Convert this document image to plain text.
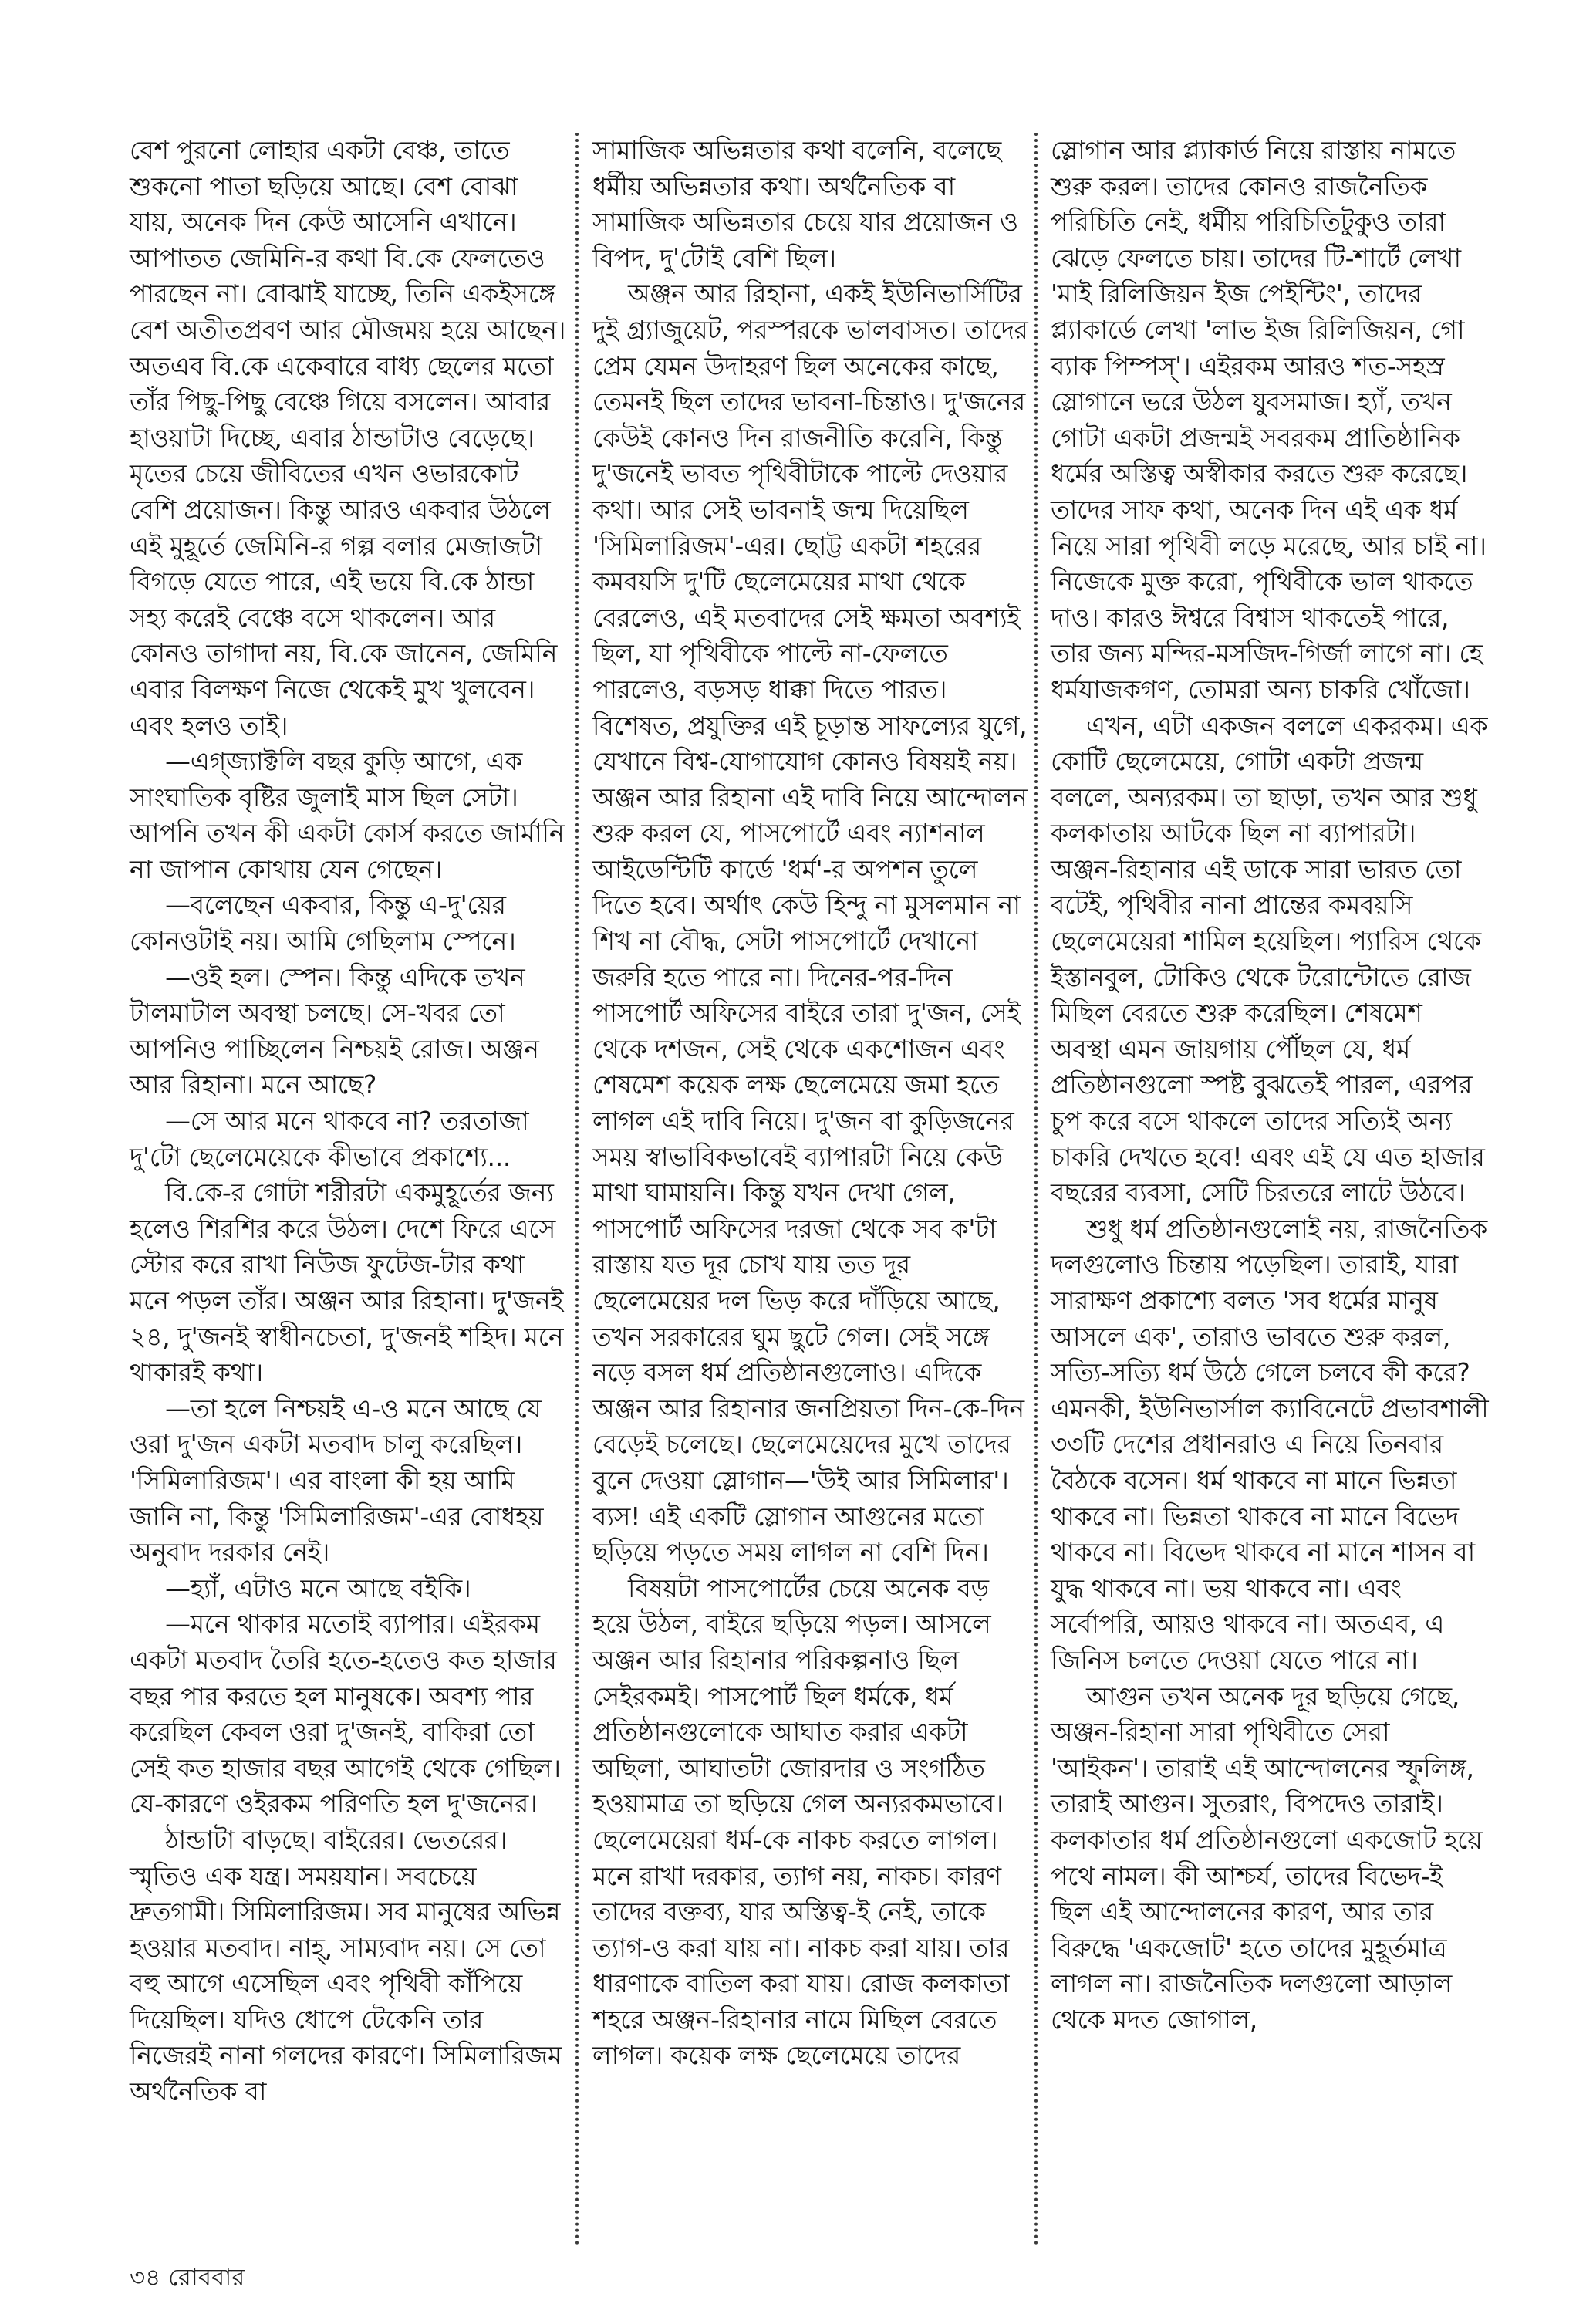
বেশ পুরনো লোহার একটা বেঞ্চ, তাতে শুকনো পাতা ছড়িয়ে আছে। বেশ বোঝা যায়, অনেক দিন কেউ আসেনি এখানে। আপাতত জেমিনি-র কথা বি.কে ফেলতেও পারছেন না। বোঝাই যাচ্ছে, তিনি একইসঙ্গে বেশ অতীতপ্রবণ আর মৌজময় হয়ে আছেন। অতএব বি.কে একেবারে বাধ্য ছেলের মতো তাঁর পিছু-পিছু বেঞ্চে গিয়ে বসলেন। আবার হাওয়াটা দিচ্ছে, এবার ঠান্ডাটাও বেড়েছে। মৃতের চেয়ে জীবিতের এখন ওভারকোট বেশি প্রয়োজন। কিন্তু আরও একবার উঠলে এই মুহূর্তে জেমিনি-র গল্প বলার মেজাজটা বিগড়ে যেতে পারে, এই ভয়ে বি.কে ঠান্ডা সহ্য করেই বেঞ্চে বসে থাকলেন। আর কোনও তাগাদা নয়, বি.কে জানেন, জেমিনি এবার বিলক্ষণ নিজে থেকেই মুখ খুলবেন। এবং হলও তাই।

—এগ্‌জ্যাক্টলি বছর কুড়ি আগে, এক সাংঘাতিক বৃষ্টির জুলাই মাস ছিল সেটা। আপনি তখন কী একটা কোর্স করতে জার্মানি না জাপান কোথায় যেন গেছেন।

—বলেছেন একবার, কিন্তু এ-দু'য়ের কোনওটাই নয়। আমি গেছিলাম স্পেনে।

—ওই হল। স্পেন। কিন্তু এদিকে তখন টালমাটাল অবস্থা চলছে। সে-খবর তো আপনিও পাচ্ছিলেন নিশ্চয়ই রোজ। অঞ্জন আর রিহানা। মনে আছে?

—সে আর মনে থাকবে না? তরতাজা দু'টো ছেলেমেয়েকে কীভাবে প্রকাশ্যে...

বি.কে-র গোটা শরীরটা একমুহূর্তের জন্য হলেও শিরশির করে উঠল। দেশে ফিরে এসে স্টোর করে রাখা নিউজ ফুটেজ-টার কথা মনে পড়ল তাঁর। অঞ্জন আর রিহানা। দু'জনই ২৪, দু'জনই স্বাধীনচেতা, দু'জনই শহিদ। মনে থাকারই কথা।

—তা হলে নিশ্চয়ই এ-ও মনে আছে যে ওরা দু'জন একটা মতবাদ চালু করেছিল। 'সিমিলারিজম'। এর বাংলা কী হয় আমি জানি না, কিন্তু 'সিমিলারিজম'-এর বোধহয় অনুবাদ দরকার নেই।

—হ্যাঁ, এটাও মনে আছে বইকি।

—মনে থাকার মতোই ব্যাপার। এইরকম একটা মতবাদ তৈরি হতে-হতেও কত হাজার বছর পার করতে হল মানুষকে। অবশ্য পার করেছিল কেবল ওরা দু'জনই, বাকিরা তো সেই কত হাজার বছর আগেই থেকে গেছিল। যে-কারণে ওইরকম পরিণতি হল দু'জনের।

ঠান্ডাটা বাড়ছে। বাইরের। ভেতরের। স্মৃতিও এক যন্ত্র। সময়যান। সবচেয়ে দ্রুতগামী। সিমিলারিজম। সব মানুষের অভিন্ন হওয়ার মতবাদ। নাহ্‌, সাম্যবাদ নয়। সে তো বহু আগে এসেছিল এবং পৃথিবী কাঁপিয়ে দিয়েছিল। যদিও ধোপে টেকেনি তার নিজেরই নানা গলদের কারণে। সিমিলারিজম অর্থনৈতিক বা

সামাজিক অভিন্নতার কথা বলেনি, বলেছে ধর্মীয় অভিন্নতার কথা। অর্থনৈতিক বা সামাজিক অভিন্নতার চেয়ে যার প্রয়োজন ও বিপদ, দু'টোই বেশি ছিল।

অঞ্জন আর রিহানা, একই ইউনিভার্সিটির দুই গ্র্যাজুয়েট, পরস্পরকে ভালবাসত। তাদের প্রেম যেমন উদাহরণ ছিল অনেকের কাছে, তেমনই ছিল তাদের ভাবনা-চিন্তাও। দু'জনের কেউই কোনও দিন রাজনীতি করেনি, কিন্তু দু'জনেই ভাবত পৃথিবীটাকে পাল্টে দেওয়ার কথা। আর সেই ভাবনাই জন্ম দিয়েছিল 'সিমিলারিজম'-এর। ছোট্ট একটা শহরের কমবয়সি দু'টি ছেলেমেয়ের মাথা থেকে বেরলেও, এই মতবাদের সেই ক্ষমতা অবশ্যই ছিল, যা পৃথিবীকে পাল্টে না-ফেলতে পারলেও, বড়সড় ধাক্কা দিতে পারত। বিশেষত, প্রযুক্তির এই চূড়ান্ত সাফল্যের যুগে, যেখানে বিশ্ব-যোগাযোগ কোনও বিষয়ই নয়। অঞ্জন আর রিহানা এই দাবি নিয়ে আন্দোলন শুরু করল যে, পাসপোর্টে এবং ন্যাশনাল আইডেন্টিটি কার্ডে 'ধর্ম'-র অপশন তুলে দিতে হবে। অর্থাৎ কেউ হিন্দু না মুসলমান না শিখ না বৌদ্ধ, সেটা পাসপোর্টে দেখানো জরুরি হতে পারে না। দিনের-পর-দিন পাসপোর্ট অফিসের বাইরে তারা দু'জন, সেই থেকে দশজন, সেই থেকে একশোজন এবং শেষমেশ কয়েক লক্ষ ছেলেমেয়ে জমা হতে লাগল এই দাবি নিয়ে। দু'জন বা কুড়িজনের সময় স্বাভাবিকভাবেই ব্যাপারটা নিয়ে কেউ মাথা ঘামায়নি। কিন্তু যখন দেখা গেল, পাসপোর্ট অফিসের দরজা থেকে সব ক'টা রাস্তায় যত দূর চোখ যায় তত দূর ছেলেমেয়ের দল ভিড় করে দাঁড়িয়ে আছে, তখন সরকারের ঘুম ছুটে গেল। সেই সঙ্গে নড়ে বসল ধর্ম প্রতিষ্ঠানগুলোও। এদিকে অঞ্জন আর রিহানার জনপ্রিয়তা দিন-কে-দিন বেড়েই চলেছে। ছেলেমেয়েদের মুখে তাদের বুনে দেওয়া স্লোগান—'উই আর সিমিলার'। ব্যস! এই একটি স্লোগান আগুনের মতো ছড়িয়ে পড়তে সময় লাগল না বেশি দিন।

বিষয়টা পাসপোর্টের চেয়ে অনেক বড় হয়ে উঠল, বাইরে ছড়িয়ে পড়ল। আসলে অঞ্জন আর রিহানার পরিকল্পনাও ছিল সেইরকমই। পাসপোর্ট ছিল ধর্মকে, ধর্ম প্রতিষ্ঠানগুলোকে আঘাত করার একটা অছিলা, আঘাতটা জোরদার ও সংগঠিত হওয়ামাত্র তা ছড়িয়ে গেল অন্যরকমভাবে। ছেলেমেয়েরা ধর্ম-কে নাকচ করতে লাগল। মনে রাখা দরকার, ত্যাগ নয়, নাকচ। কারণ তাদের বক্তব্য, যার অস্তিত্ব-ই নেই, তাকে ত্যাগ-ও করা যায় না। নাকচ করা যায়। তার ধারণাকে বাতিল করা যায়। রোজ কলকাতা শহরে অঞ্জন-রিহানার নামে মিছিল বেরতে লাগল। কয়েক লক্ষ ছেলেমেয়ে তাদের

স্লোগান আর প্ল্যাকার্ড নিয়ে রাস্তায় নামতে শুরু করল। তাদের কোনও রাজনৈতিক পরিচিতি নেই, ধর্মীয় পরিচিতিটুকুও তারা ঝেড়ে ফেলতে চায়। তাদের টি-শার্টে লেখা 'মাই রিলিজিয়ন ইজ পেইন্টিং', তাদের প্ল্যাকার্ডে লেখা 'লাভ ইজ রিলিজিয়ন, গো ব্যাক পিম্পস্‌'। এইরকম আরও শত-সহস্র স্লোগানে ভরে উঠল যুবসমাজ। হ্যাঁ, তখন গোটা একটা প্রজন্মই সবরকম প্রাতিষ্ঠানিক ধর্মের অস্তিত্ব অস্বীকার করতে শুরু করেছে। তাদের সাফ কথা, অনেক দিন এই এক ধর্ম নিয়ে সারা পৃথিবী লড়ে মরেছে, আর চাই না। নিজেকে মুক্ত করো, পৃথিবীকে ভাল থাকতে দাও। কারও ঈশ্বরে বিশ্বাস থাকতেই পারে, তার জন্য মন্দির-মসজিদ-গির্জা লাগে না। হে ধর্মযাজকগণ, তোমরা অন্য চাকরি খোঁজো।

এখন, এটা একজন বললে একরকম। এক কোটি ছেলেমেয়ে, গোটা একটা প্রজন্ম বললে, অন্যরকম। তা ছাড়া, তখন আর শুধু কলকাতায় আটকে ছিল না ব্যাপারটা। অঞ্জন-রিহানার এই ডাকে সারা ভারত তো বটেই, পৃথিবীর নানা প্রান্তের কমবয়সি ছেলেমেয়েরা শামিল হয়েছিল। প্যারিস থেকে ইস্তানবুল, টোকিও থেকে টরোন্টোতে রোজ মিছিল বেরতে শুরু করেছিল। শেষমেশ অবস্থা এমন জায়গায় পৌঁছল যে, ধর্ম প্রতিষ্ঠানগুলো স্পষ্ট বুঝতেই পারল, এরপর চুপ করে বসে থাকলে তাদের সত্যিই অন্য চাকরি দেখতে হবে! এবং এই যে এত হাজার বছরের ব্যবসা, সেটি চিরতরে লাটে উঠবে।

শুধু ধর্ম প্রতিষ্ঠানগুলোই নয়, রাজনৈতিক দলগুলোও চিন্তায় পড়েছিল। তারাই, যারা সারাক্ষণ প্রকাশ্যে বলত 'সব ধর্মের মানুষ আসলে এক', তারাও ভাবতে শুরু করল, সত্যি-সত্যি ধর্ম উঠে গেলে চলবে কী করে? এমনকী, ইউনিভার্সাল ক্যাবিনেটে প্রভাবশালী ৩৩টি দেশের প্রধানরাও এ নিয়ে তিনবার বৈঠকে বসেন। ধর্ম থাকবে না মানে ভিন্নতা থাকবে না। ভিন্নতা থাকবে না মানে বিভেদ থাকবে না। বিভেদ থাকবে না মানে শাসন বা যুদ্ধ থাকবে না। ভয় থাকবে না। এবং সর্বোপরি, আয়ও থাকবে না। অতএব, এ জিনিস চলতে দেওয়া যেতে পারে না।

আগুন তখন অনেক দূর ছড়িয়ে গেছে, অঞ্জন-রিহানা সারা পৃথিবীতে সেরা 'আইকন'। তারাই এই আন্দোলনের স্ফুলিঙ্গ, তারাই আগুন। সুতরাং, বিপদেও তারাই। কলকাতার ধর্ম প্রতিষ্ঠানগুলো একজোট হয়ে পথে নামল। কী আশ্চর্য, তাদের বিভেদ-ই ছিল এই আন্দোলনের কারণ, আর তার বিরুদ্ধে 'একজোট' হতে তাদের মুহূর্তমাত্র লাগল না। রাজনৈতিক দলগুলো আড়াল থেকে মদত জোগাল,

৩৪ রোববার
